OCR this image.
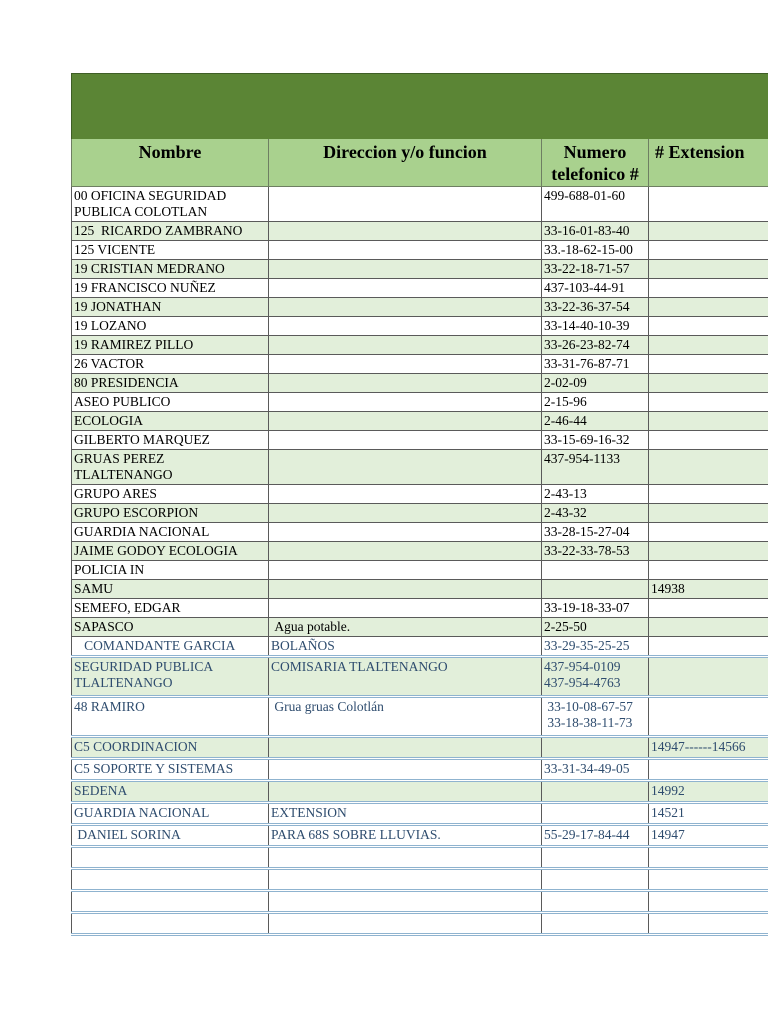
Nombre	Direccion y/o funcion	Numero telefonico #	# Extension
00 OFICINA SEGURIDAD
PUBLICA COLOTLAN		499-688-01-60	
125  RICARDO ZAMBRANO		33-16-01-83-40	
125 VICENTE		33.-18-62-15-00	
19 CRISTIAN MEDRANO		33-22-18-71-57	
19 FRANCISCO NUÑEZ		437-103-44-91	
19 JONATHAN		33-22-36-37-54	
19 LOZANO		33-14-40-10-39	
19 RAMIREZ PILLO		33-26-23-82-74	
26 VACTOR		33-31-76-87-71	
80 PRESIDENCIA		2-02-09	
ASEO PUBLICO		2-15-96	
ECOLOGIA		2-46-44	
GILBERTO MARQUEZ		33-15-69-16-32	
GRUAS PEREZ
TLALTENANGO		437-954-1133	
GRUPO ARES		2-43-13	
GRUPO ESCORPION		2-43-32	
GUARDIA NACIONAL		33-28-15-27-04	
JAIME GODOY ECOLOGIA		33-22-33-78-53	
POLICIA IN			
SAMU			14938
SEMEFO, EDGAR		33-19-18-33-07	
SAPASCO	Agua potable.	2-25-50	
COMANDANTE GARCIA	BOLAÑOS	33-29-35-25-25	
SEGURIDAD PUBLICA
TLALTENANGO	COMISARIA TLALTENANGO	437-954-0109
437-954-4763	
48 RAMIRO	Grua gruas Colotlán	33-10-08-67-57
33-18-38-11-73	
C5 COORDINACION			14947------14566
C5 SOPORTE Y SISTEMAS		33-31-34-49-05	
SEDENA			14992
GUARDIA NACIONAL	EXTENSION		14521
DANIEL SORINA	PARA 68S SOBRE LLUVIAS.	55-29-17-84-44	14947
